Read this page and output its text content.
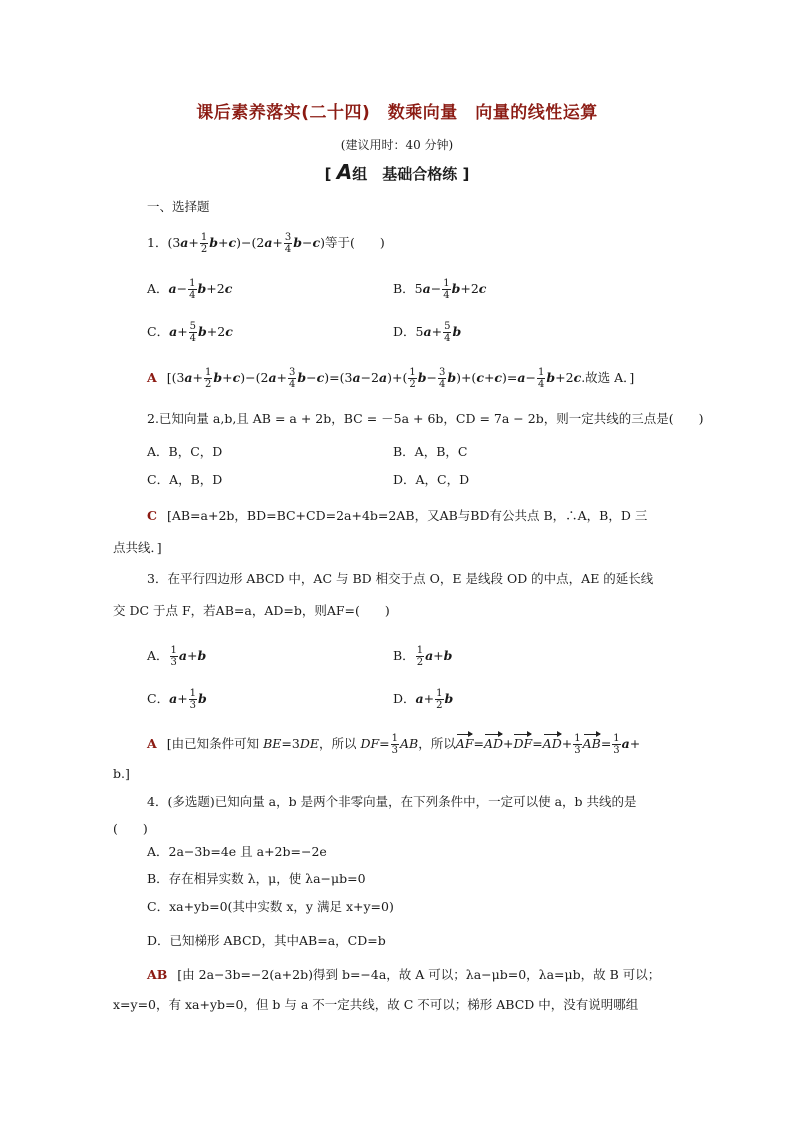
课后素养落实(二十四)　数乘向量　向量的线性运算
(建议用时：40 分钟)
[ A组　基础合格练 ]
一、选择题
1．$(3a+ \frac{1}{2} b+c)-(2a+ \frac{3}{4} b-c)$等于(　　)
A．$a- \frac{1}{4} b+2c$	B．$5a- \frac{1}{4} b+2c$
C．$a+ \frac{5}{4} b+2c$	D．$5a+ \frac{5}{4}$ b
A [$(3a+ \frac{1}{2} b+c)-(2a+ \frac{3}{4} b-c)=(3a-2a)+( \frac{1}{2} b- \frac{3}{4} b)+(c+c)=a- \frac{1}{4} b+2c$.故选 A．]
2.已知向量 a,b,且 AB = a + 2b，BC = －5a + 6b，CD = 7a − 2b，则一定共线的三点是(　　)
A．B，C，D	B．A，B，C
C．A，B，D	D．A，C，D
C [AB=a+2b，BD=BC+CD=2a+4b=2AB，又AB与BD有公共点 B，∴A，B，D 三
点共线．]
3．在平行四边形 ABCD 中，AC 与 BD 相交于点 O，E 是线段 OD 的中点，AE 的延长线
交 DC 于点 F，若AB=a，AD=b，则AF=(　　)
A． $\frac{1}{3} a+b$	B． $\frac{1}{2} a+b$
C．$a+ \frac{1}{3}$ b	D．$a+ \frac{1}{2}$ b
A [由已知条件可知 BE=3DE，所以 $DF= \frac{1}{3}$ AB，所以$AF=AD+DF=AD+ \frac{1}{3} AB= \frac{1}{3} a+$
b.]
4．(多选题)已知向量 a，b 是两个非零向量，在下列条件中，一定可以使 a，b 共线的是
(　　)
A．2a−3b=4e 且 a+2b=−2e
B．存在相异实数 λ，μ，使 λa−μb=0
C．xa+yb=0(其中实数 x，y 满足 x+y=0)
D．已知梯形 ABCD，其中AB=a，CD=b
AB [由 2a−3b=−2(a+2b)得到 b=−4a，故 A 可以；λa−μb=0，λa=μb，故 B 可以；
x=y=0，有 xa+yb=0，但 b 与 a 不一定共线，故 C 不可以；梯形 ABCD 中，没有说明哪组
